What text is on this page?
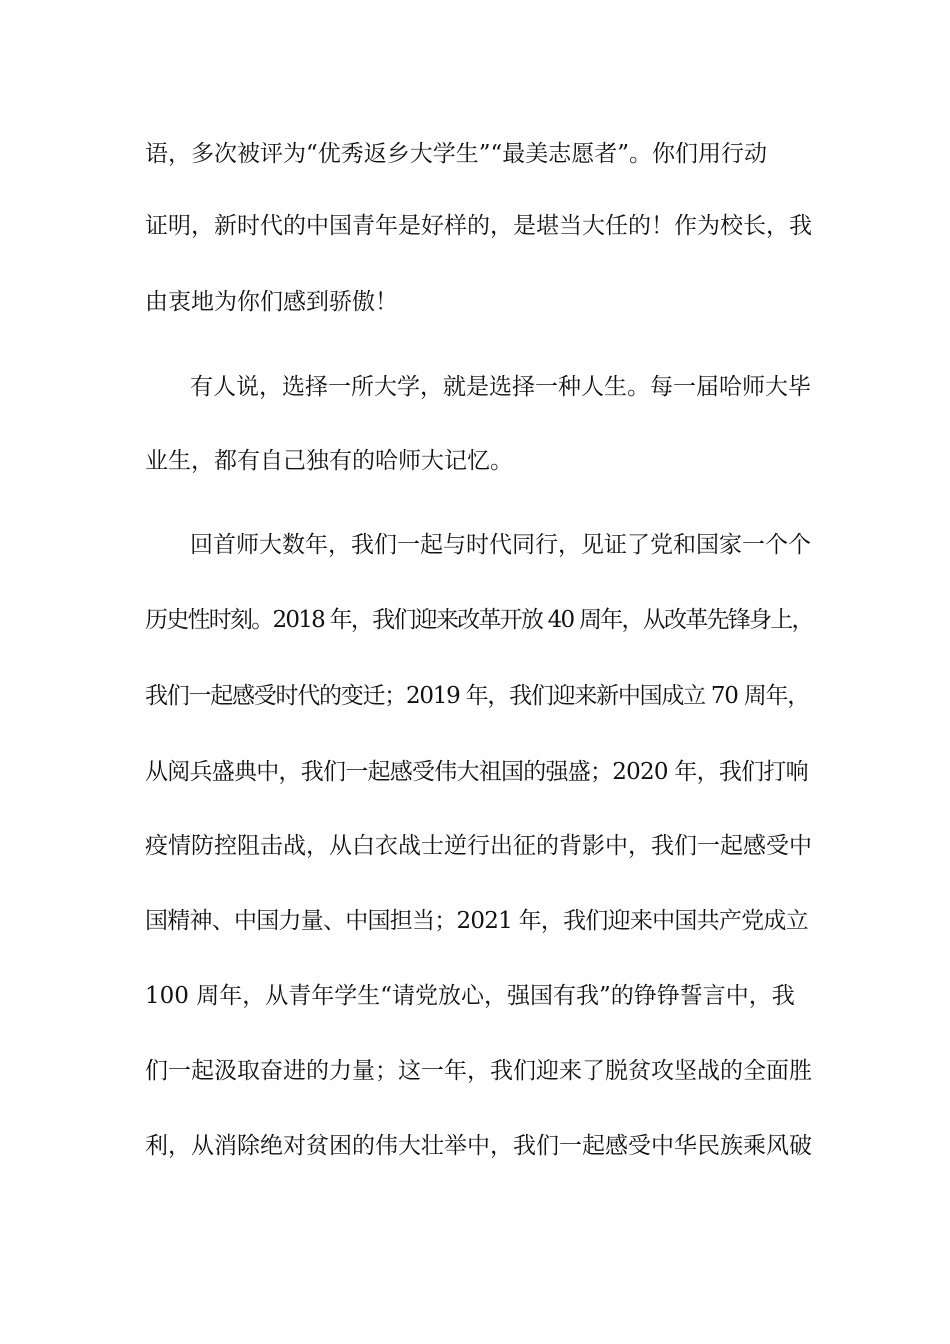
语，多次被评为“优秀返乡大学生”“最美志愿者”。你们用行动
证明，新时代的中国青年是好样的，是堪当大任的！作为校长，我
由衷地为你们感到骄傲！
有人说，选择一所大学，就是选择一种人生。每一届哈师大毕
业生，都有自己独有的哈师大记忆。
回首师大数年，我们一起与时代同行，见证了党和国家一个个
历史性时刻。2018 年，我们迎来改革开放 40 周年，从改革先锋身上，
我们一起感受时代的变迁；2019 年，我们迎来新中国成立 70 周年，
从阅兵盛典中，我们一起感受伟大祖国的强盛；2020 年，我们打响
疫情防控阻击战，从白衣战士逆行出征的背影中，我们一起感受中
国精神、中国力量、中国担当；2021 年，我们迎来中国共产党成立
100 周年，从青年学生“请党放心，强国有我”的铮铮誓言中，我
们一起汲取奋进的力量；这一年，我们迎来了脱贫攻坚战的全面胜
利，从消除绝对贫困的伟大壮举中，我们一起感受中华民族乘风破
